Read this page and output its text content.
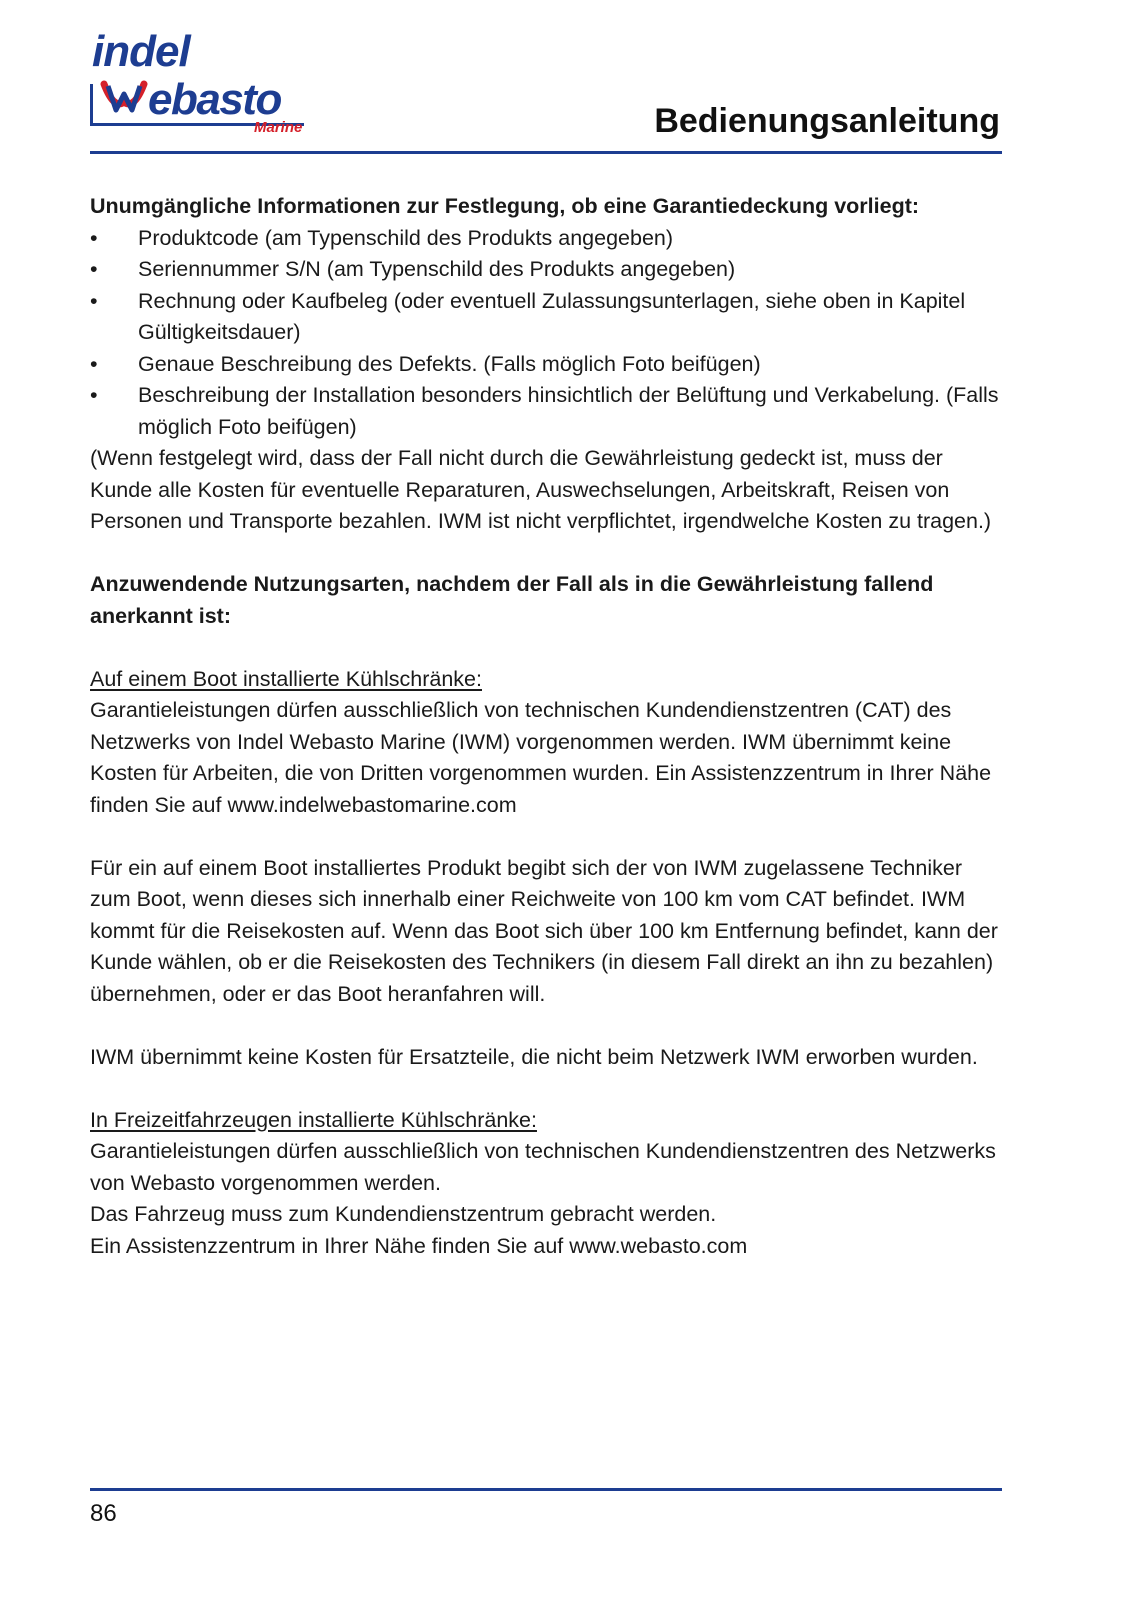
indel
ebasto
Marine	Bedienungsanleitung

Unumgängliche Informationen zur Festlegung, ob eine Garantiedeckung vorliegt:

• Produktcode (am Typenschild des Produkts angegeben)
• Seriennummer S/N (am Typenschild des Produkts angegeben)
• Rechnung oder Kaufbeleg (oder eventuell Zulassungsunterlagen, siehe oben in Kapitel Gültigkeitsdauer)
• Genaue Beschreibung des Defekts. (Falls möglich Foto beifügen)
• Beschreibung der Installation besonders hinsichtlich der Belüftung und Verkabelung. (Falls möglich Foto beifügen)

(Wenn festgelegt wird, dass der Fall nicht durch die Gewährleistung gedeckt ist, muss der Kunde alle Kosten für eventuelle Reparaturen, Auswechselungen, Arbeitskraft, Reisen von Personen und Transporte bezahlen. IWM ist nicht verpflichtet, irgendwelche Kosten zu tragen.)

Anzuwendende Nutzungsarten, nachdem der Fall als in die Gewährleistung fallend anerkannt ist:

Auf einem Boot installierte Kühlschränke:

Garantieleistungen dürfen ausschließlich von technischen Kundendienstzentren (CAT) des Netzwerks von Indel Webasto Marine (IWM) vorgenommen werden. IWM übernimmt keine Kosten für Arbeiten, die von Dritten vorgenommen wurden. Ein Assistenzzentrum in Ihrer Nähe finden Sie auf www.indelwebastomarine.com

Für ein auf einem Boot installiertes Produkt begibt sich der von IWM zugelassene Techniker zum Boot, wenn dieses sich innerhalb einer Reichweite von 100 km vom CAT befindet. IWM kommt für die Reisekosten auf. Wenn das Boot sich über 100 km Entfernung befindet, kann der Kunde wählen, ob er die Reisekosten des Technikers (in diesem Fall direkt an ihn zu bezahlen) übernehmen, oder er das Boot heranfahren will.

IWM übernimmt keine Kosten für Ersatzteile, die nicht beim Netzwerk IWM erworben wurden.

In Freizeitfahrzeugen installierte Kühlschränke:

Garantieleistungen dürfen ausschließlich von technischen Kundendienstzentren des Netzwerks von Webasto vorgenommen werden.

Das Fahrzeug muss zum Kundendienstzentrum gebracht werden.

Ein Assistenzzentrum in Ihrer Nähe finden Sie auf www.webasto.com

86
